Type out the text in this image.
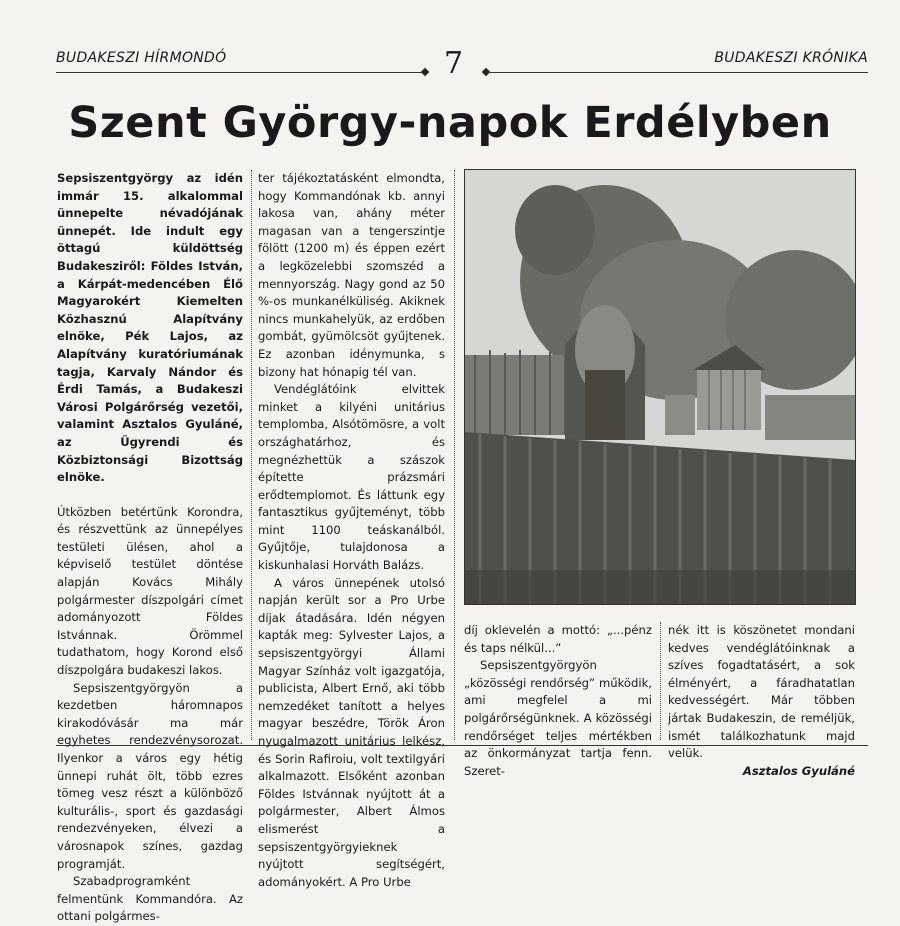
BUDAKESZI HÍRMONDÓ	7	BUDAKESZI KRÓNIKA
Szent György-napok Erdélyben

Sepsiszentgyörgy az idén immár 15. alkalommal ünnepelte névadójának ünnepét. Ide indult egy öttagú küldöttség Budakesziről: Földes István, a Kárpát-medencében Élő Magyarokért Kiemelten Közhasznú Alapítvány elnöke, Pék Lajos, az Alapítvány kuratóriumának tagja, Karvaly Nándor és Érdi Tamás, a Budakeszi Városi Polgárőrség vezetői, valamint Asztalos Gyuláné, az Ügyrendi és Közbiztonsági Bizottság elnöke.

Útközben betértünk Korondra, és részvettünk az ünnepélyes testületi ülésen, ahol a képviselő testület döntése alapján Kovács Mihály polgármester díszpolgári címet adományozott Földes Istvánnak. Örömmel tudathatom, hogy Korond első díszpolgára budakeszi lakos.

Sepsiszentgyörgyön a kezdetben háromnapos kirakodóvásár ma már egyhetes rendezvénysorozat. Ilyenkor a város egy hétig ünnepi ruhát ölt, több ezres tömeg vesz részt a különböző kulturális-, sport és gazdasági rendezvényeken, élvezi a városnapok színes, gazdag programját.

Szabadprogramként felmentünk Kommandóra. Az ottani polgármes-

ter tájékoztatásként elmondta, hogy Kommandónak kb. annyi lakosa van, ahány méter magasan van a tengerszintje fölött (1200 m) és éppen ezért a legközelebbi szomszéd a mennyország. Nagy gond az 50 %-os munkanélküliség. Akiknek nincs munkahelyük, az erdőben gombát, gyümölcsöt gyűjtenek. Ez azonban idénymunka, s bizony hat hónapig tél van.

Vendéglátóink elvittek minket a kilyéni unitárius templomba, Alsótömösre, a volt országhatárhoz, és megnézhettük a szászok építette prázsmári erődtemplomot. És láttunk egy fantasztikus gyűjteményt, több mint 1100 teáskanálból. Gyűjtője, tulajdonosa a kiskunhalasi Horváth Balázs.

A város ünnepének utolsó napján került sor a Pro Urbe díjak átadására. Idén négyen kapták meg: Sylvester Lajos, a sepsiszentgyörgyi Állami Magyar Színház volt igazgatója, publicista, Albert Ernő, aki több nemzedéket tanított a helyes magyar beszédre, Török Áron nyugalmazott unitárius lelkész, és Sorin Rafiroiu, volt textilgyári alkalmazott. Elsőként azonban Földes Istvánnak nyújtott át a polgármester, Albert Álmos elismerést a sepsiszentgyörgyieknek nyújtott segítségért, adományokért. A Pro Urbe

díj oklevelén a mottó: „...pénz és taps nélkül...”

Sepsiszentgyörgyön „közösségi rendőrség” működik, ami megfelel a mi polgárőrségünknek. A közösségi rendőrséget teljes mértékben az önkormányzat tartja fenn. Szeret-

nék itt is köszönetet mondani kedves vendéglátóinknak a szíves fogadtatásért, a sok élményért, a fáradhatatlan kedvességért. Már többen jártak Budakeszin, de reméljük, ismét találkozhatunk majd velük.

Asztalos Gyuláné
